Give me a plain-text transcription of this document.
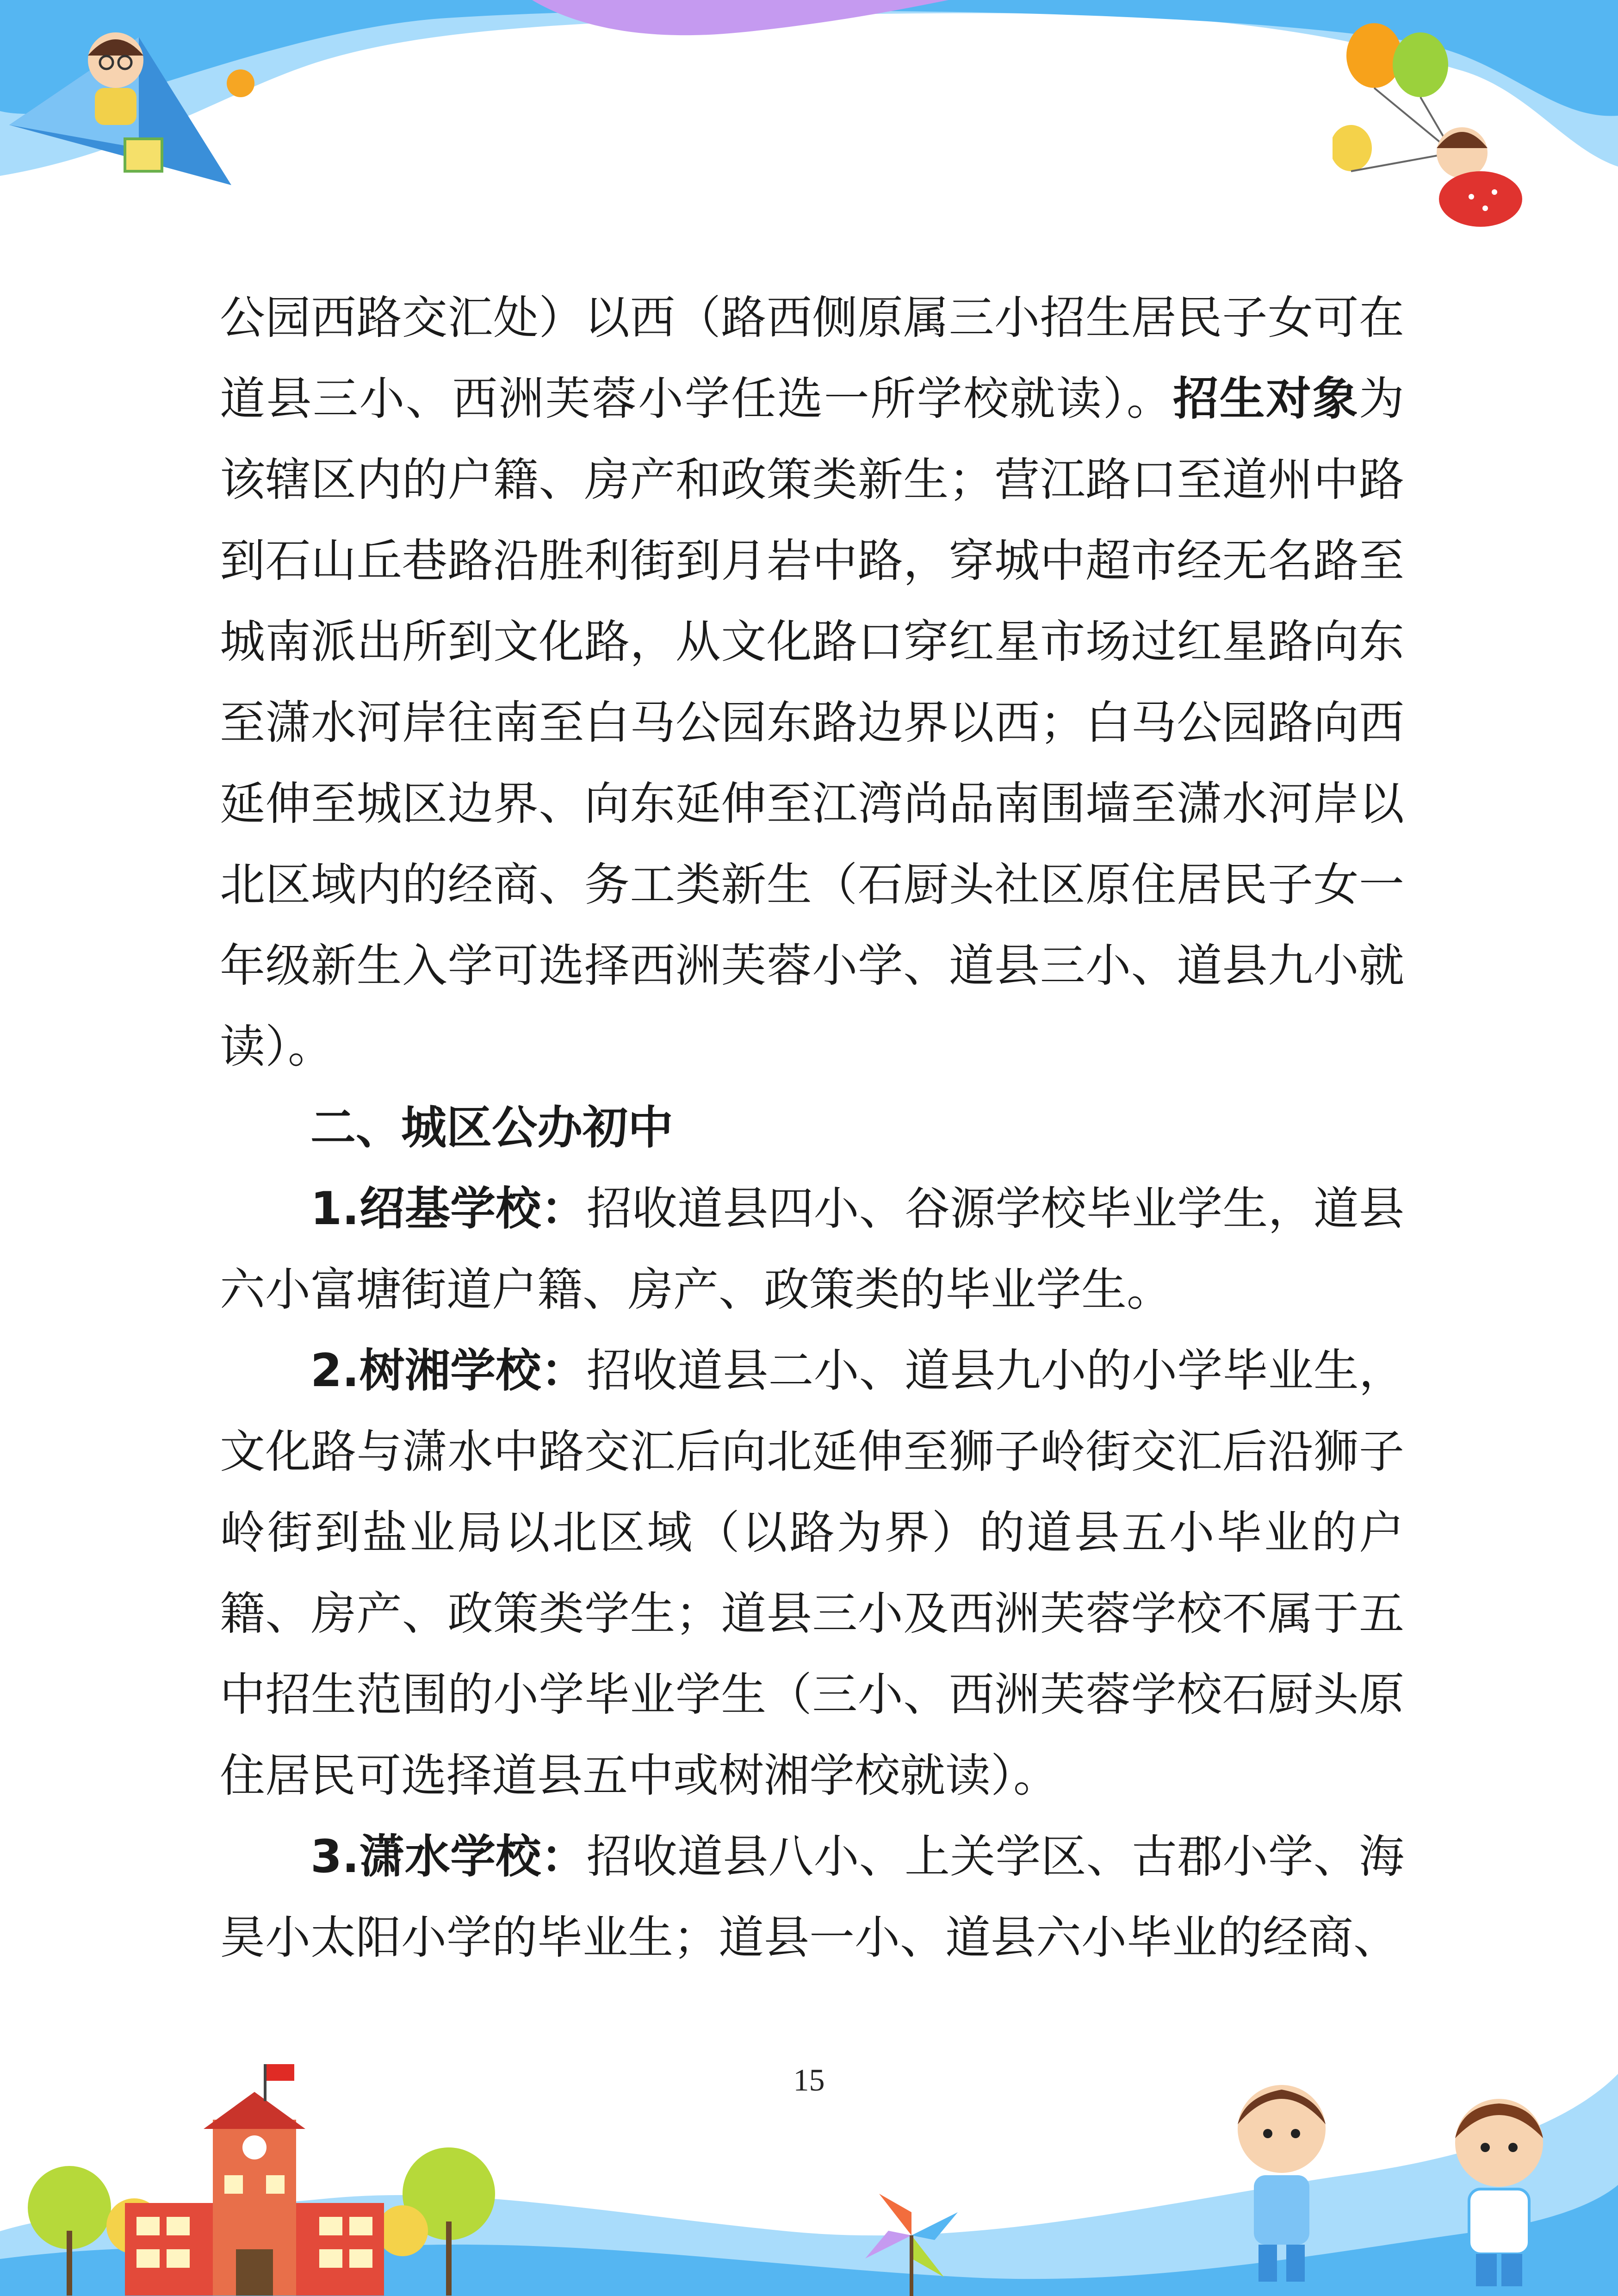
公园西路交汇处）以西（路西侧原属三小招生居民子女可在道县三小、西洲芙蓉小学任选一所学校就读）。招生对象为该辖区内的户籍、房产和政策类新生；营江路口至道州中路到石山丘巷路沿胜利街到月岩中路，穿城中超市经无名路至城南派出所到文化路，从文化路口穿红星市场过红星路向东至潇水河岸往南至白马公园东路边界以西；白马公园路向西延伸至城区边界、向东延伸至江湾尚品南围墙至潇水河岸以北区域内的经商、务工类新生（石厨头社区原住居民子女一年级新生入学可选择西洲芙蓉小学、道县三小、道县九小就读）。

二、城区公办初中

1.绍基学校：招收道县四小、谷源学校毕业学生，道县六小富塘街道户籍、房产、政策类的毕业学生。

2.树湘学校：招收道县二小、道县九小的小学毕业生，文化路与潇水中路交汇后向北延伸至狮子岭街交汇后沿狮子岭街到盐业局以北区域（以路为界）的道县五小毕业的户籍、房产、政策类学生；道县三小及西洲芙蓉学校不属于五中招生范围的小学毕业学生（三小、西洲芙蓉学校石厨头原住居民可选择道县五中或树湘学校就读）。

3.潇水学校：招收道县八小、上关学区、古郡小学、海昊小太阳小学的毕业生；道县一小、道县六小毕业的经商、

15
